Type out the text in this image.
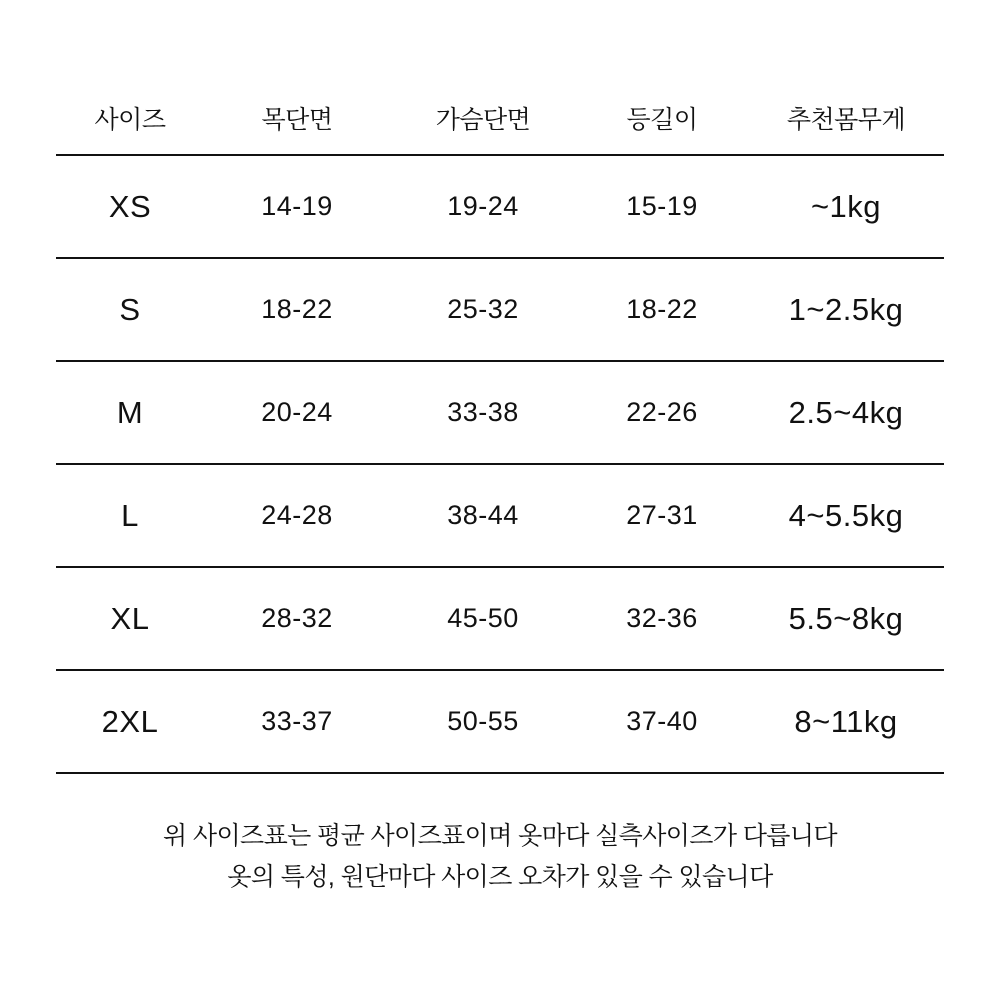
사이즈	목단면	가슴단면	등길이	추천몸무게
XS	14-19	19-24	15-19	~1kg
S	18-22	25-32	18-22	1~2.5kg
M	20-24	33-38	22-26	2.5~4kg
L	24-28	38-44	27-31	4~5.5kg
XL	28-32	45-50	32-36	5.5~8kg
2XL	33-37	50-55	37-40	8~11kg
위 사이즈표는 평균 사이즈표이며 옷마다 실측사이즈가 다릅니다
옷의 특성, 원단마다 사이즈 오차가 있을 수 있습니다
